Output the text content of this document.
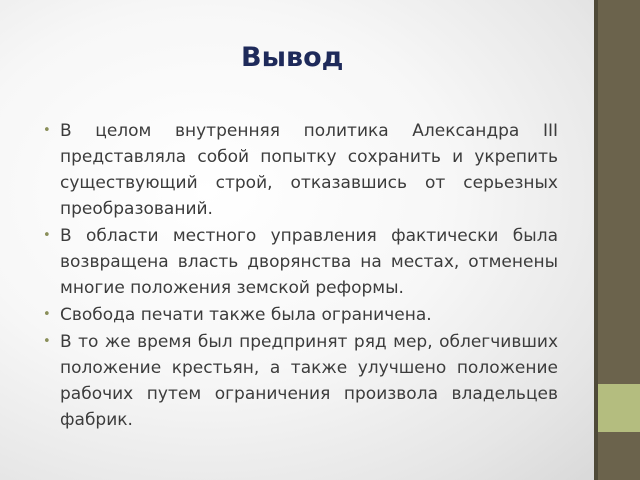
Вывод
• В целом внутренняя политика Александра III представляла собой попытку сохранить и укрепить существующий строй, отказавшись от серьезных преобразований.
• В области местного управления фактически была возвращена власть дворянства на местах, отменены многие положения земской реформы.
• Свобода печати также была ограничена.
• В то же время был предпринят ряд мер, облегчивших положение крестьян, а также улучшено положение рабочих путем ограничения произвола владельцев фабрик.
